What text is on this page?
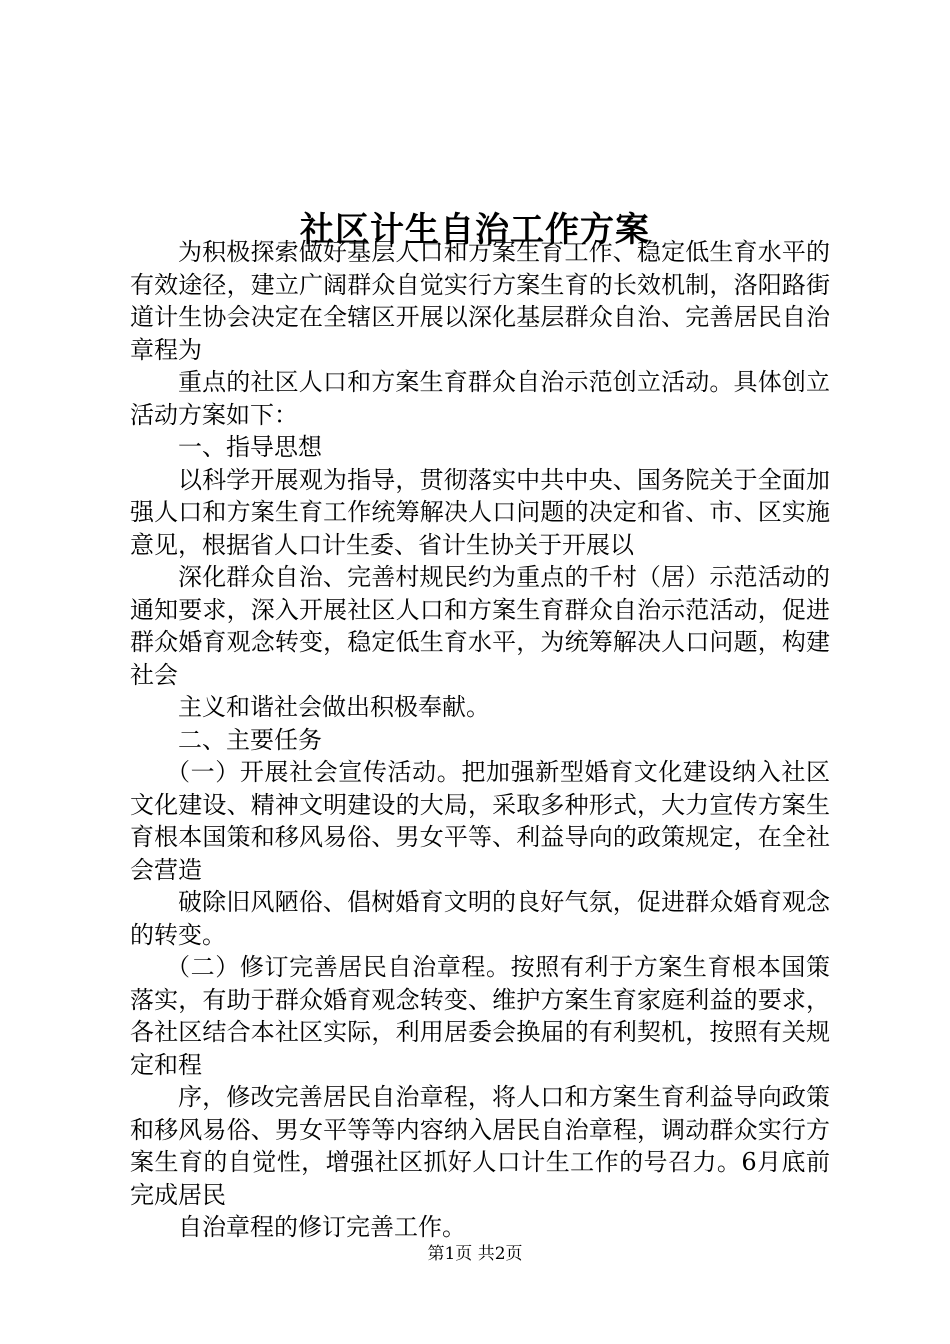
社区计生自治工作方案

为积极探索做好基层人口和方案生育工作、稳定低生育水平的有效途径，建立广阔群众自觉实行方案生育的长效机制，洛阳路街道计生协会决定在全辖区开展以深化基层群众自治、完善居民自治章程为

重点的社区人口和方案生育群众自治示范创立活动。具体创立活动方案如下：

一、指导思想

以科学开展观为指导，贯彻落实中共中央、国务院关于全面加强人口和方案生育工作统筹解决人口问题的决定和省、市、区实施意见，根据省人口计生委、省计生协关于开展以

深化群众自治、完善村规民约为重点的千村（居）示范活动的通知要求，深入开展社区人口和方案生育群众自治示范活动，促进群众婚育观念转变，稳定低生育水平，为统筹解决人口问题，构建社会

主义和谐社会做出积极奉献。

二、主要任务

（一）开展社会宣传活动。把加强新型婚育文化建设纳入社区文化建设、精神文明建设的大局，采取多种形式，大力宣传方案生育根本国策和移风易俗、男女平等、利益导向的政策规定，在全社会营造

破除旧风陋俗、倡树婚育文明的良好气氛，促进群众婚育观念的转变。

（二）修订完善居民自治章程。按照有利于方案生育根本国策落实，有助于群众婚育观念转变、维护方案生育家庭利益的要求，各社区结合本社区实际，利用居委会换届的有利契机，按照有关规定和程

序，修改完善居民自治章程，将人口和方案生育利益导向政策和移风易俗、男女平等等内容纳入居民自治章程，调动群众实行方案生育的自觉性，增强社区抓好人口计生工作的号召力。6月底前完成居民

自治章程的修订完善工作。

第1页 共2页
